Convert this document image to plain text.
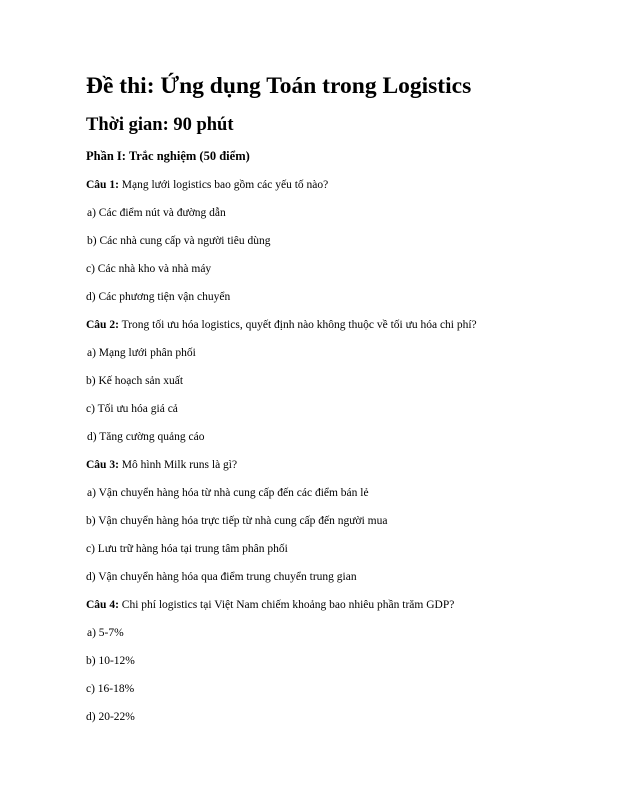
Đề thi: Ứng dụng Toán trong Logistics
Thời gian: 90 phút
Phần I: Trắc nghiệm (50 điểm)
Câu 1: Mạng lưới logistics bao gồm các yếu tố nào?
a) Các điểm nút và đường dẫn
b) Các nhà cung cấp và người tiêu dùng
c) Các nhà kho và nhà máy
d) Các phương tiện vận chuyển
Câu 2: Trong tối ưu hóa logistics, quyết định nào không thuộc về tối ưu hóa chi phí?
a) Mạng lưới phân phối
b) Kế hoạch sản xuất
c) Tối ưu hóa giá cả
d) Tăng cường quảng cáo
Câu 3: Mô hình Milk runs là gì?
a) Vận chuyển hàng hóa từ nhà cung cấp đến các điểm bán lẻ
b) Vận chuyển hàng hóa trực tiếp từ nhà cung cấp đến người mua
c) Lưu trữ hàng hóa tại trung tâm phân phối
d) Vận chuyển hàng hóa qua điểm trung chuyển trung gian
Câu 4: Chi phí logistics tại Việt Nam chiếm khoảng bao nhiêu phần trăm GDP?
a) 5-7%
b) 10-12%
c) 16-18%
d) 20-22%
